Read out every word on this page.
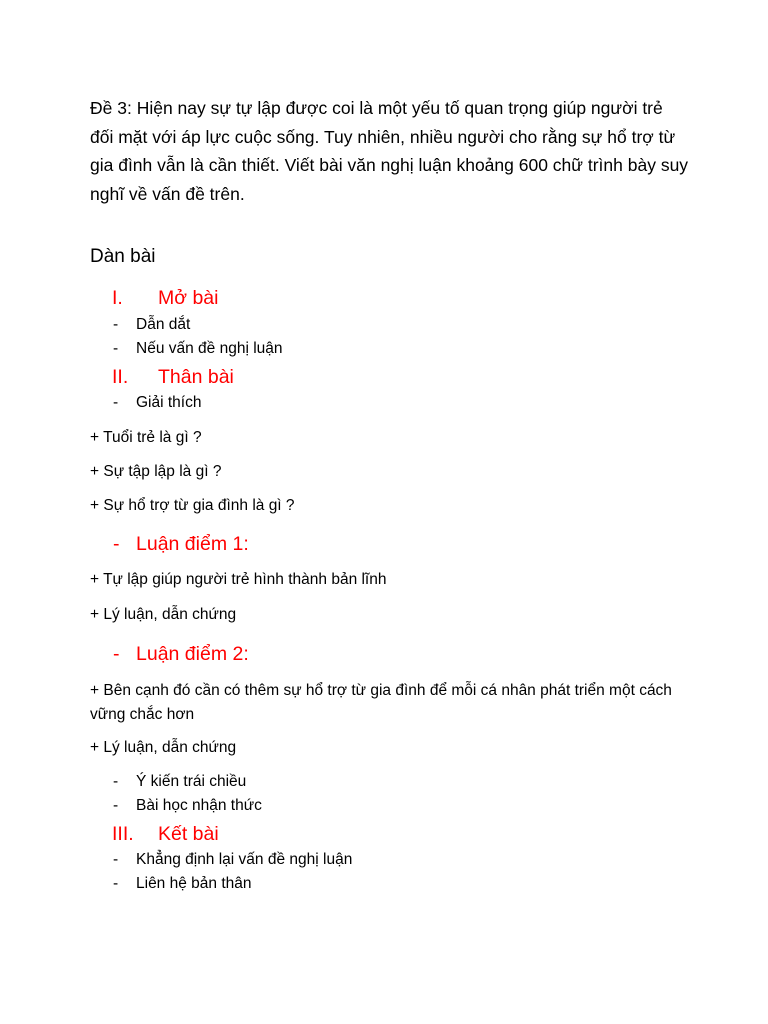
Đề 3: Hiện nay sự tự lập được coi là một yếu tố quan trọng giúp người trẻ đối mặt với áp lực cuộc sống. Tuy nhiên, nhiều người cho rằng sự hổ trợ từ gia đình vẫn là cần thiết. Viết bài văn nghị luận khoảng 600 chữ trình bày suy nghĩ về vấn đề trên.

Dàn bài

I. Mở bài
- Dẫn dắt
- Nếu vấn đề nghị luận
II. Thân bài
- Giải thích
+ Tuổi trẻ là gì ?
+ Sự tập lập là gì ?
+ Sự hổ trợ từ gia đình là gì ?
- Luận điểm 1:
+ Tự lập giúp người trẻ hình thành bản lĩnh
+ Lý luận, dẫn chứng
- Luận điểm 2:
+ Bên cạnh đó cần có thêm sự hổ trợ từ gia đình để mỗi cá nhân phát triển một cách vững chắc hơn
+ Lý luận, dẫn chứng
- Ý kiến trái chiều
- Bài học nhận thức
III. Kết bài
- Khẳng định lại vấn đề nghị luận
- Liên hệ bản thân
